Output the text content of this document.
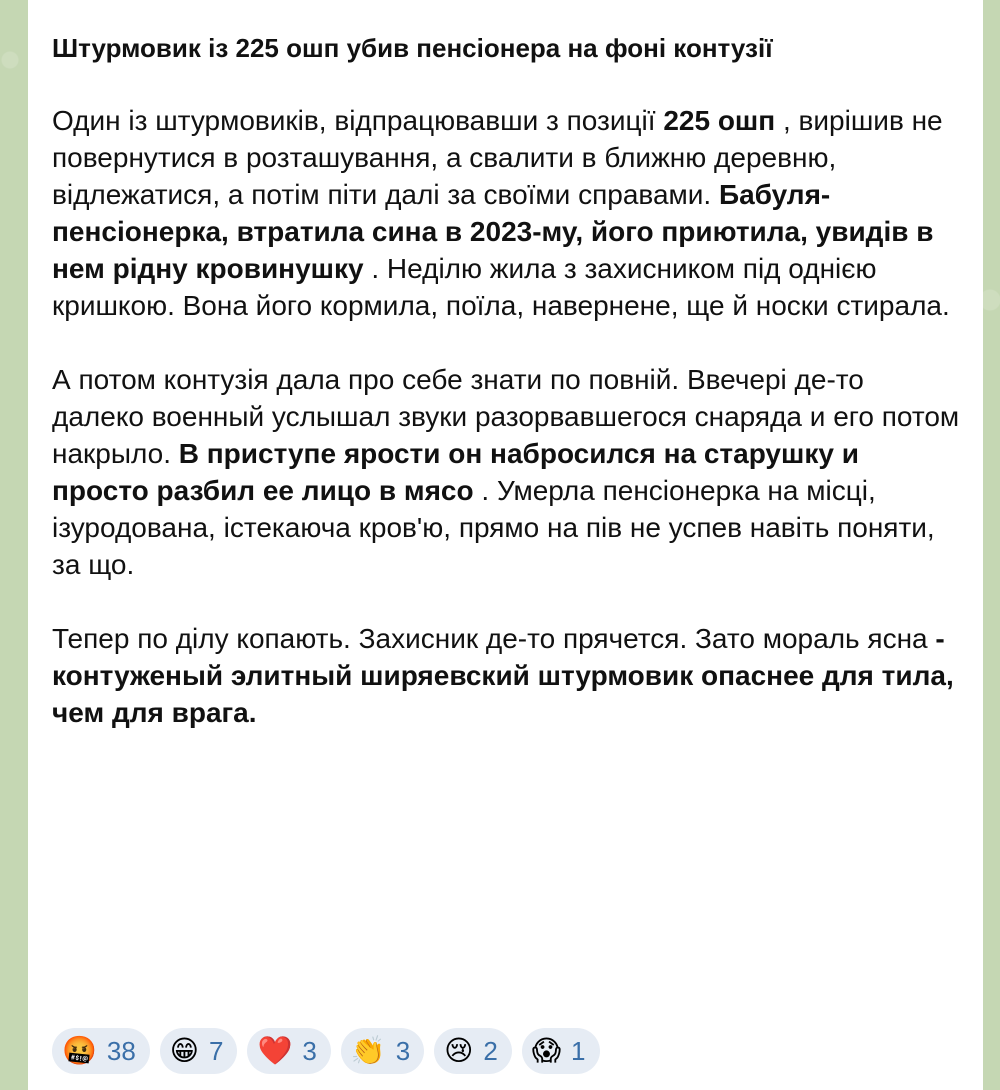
Штурмовик із 225 ошп убив пенсіонера на фоні контузії

Один із штурмовиків, відпрацювавши з позиції 225 ошп , вирішив не повернутися в розташування, а свалити в ближню деревню, відлежатися, а потім піти далі за своїми справами. Бабуля-пенсіонерка, втратила сина в 2023-му, його приютила, увидів в нем рідну кровинушку . Неділю жила з захисником під однією кришкою. Вона його кормила, поїла, навернене, ще й носки стирала.

А потом контузія дала про себе знати по повній. Ввечері де-то далеко военный услышал звуки разорвавшегося снаряда и его потом накрыло. В приступе ярости он набросился на старушку и просто разбил ее лицо в мясо . Умерла пенсіонерка на місці, ізуродована, істекаюча кров'ю, прямо на пів не успев навіть поняти, за що.

Тепер по ділу копають. Захисник де-то прячется. Зато мораль ясна - контуженый элитный ширяевский штурмовик опаснее для тила, чем для врага.

🤬 38 😁 7 ❤️ 3 👏 3 😢 2 😱 1
